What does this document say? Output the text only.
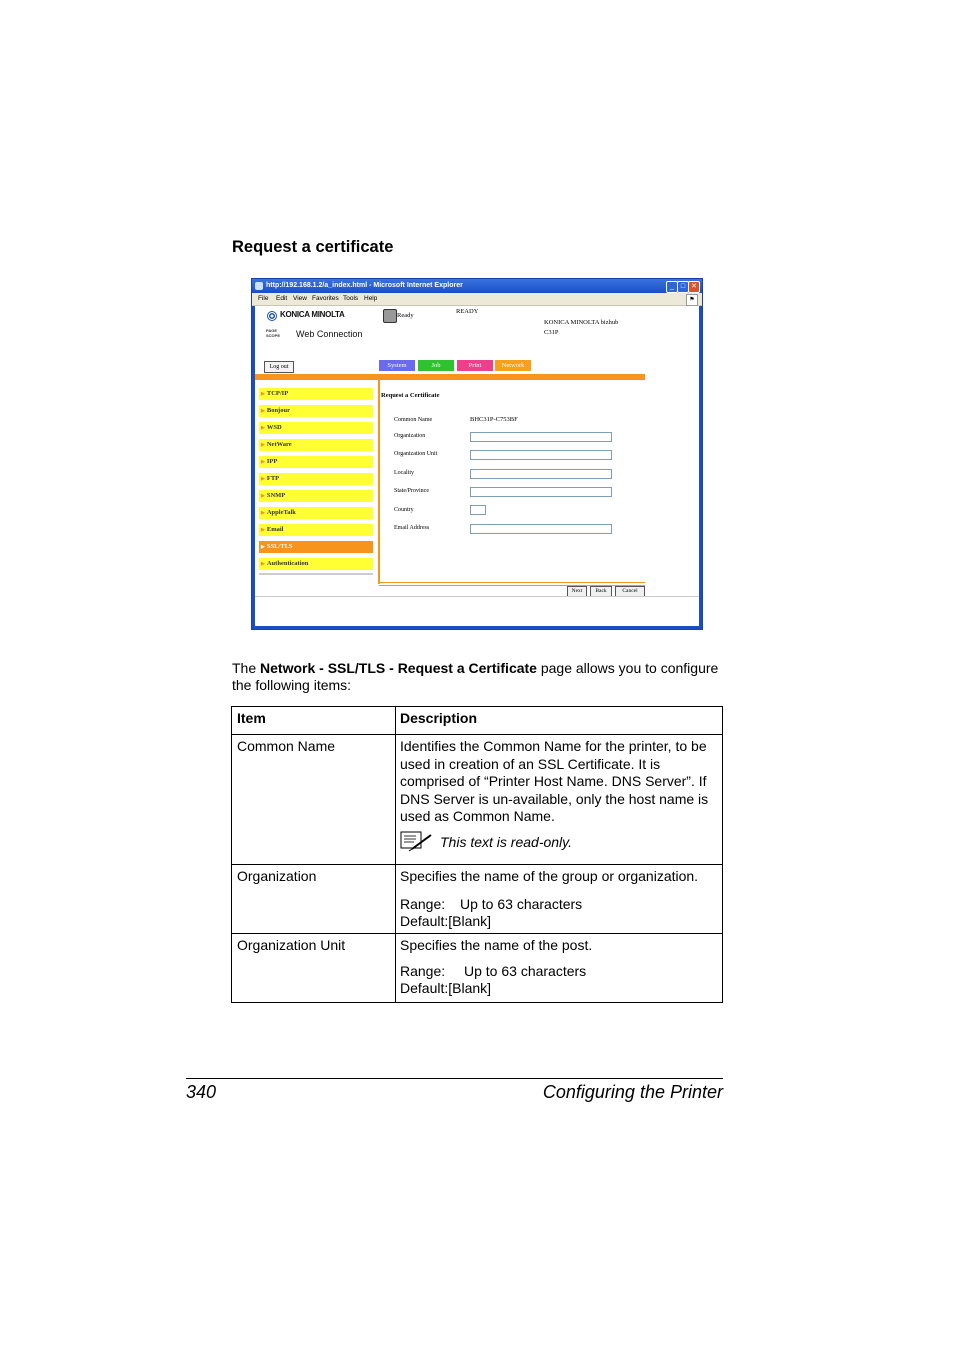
Request a certificate
http://192.168.1.2/a_index.html - Microsoft Internet Explorer	_ □ ✕
File Edit View Favorites Tools Help	⚑
KONICA MINOLTA
PAGE SCOPE Web Connection
Ready
READY
KONICA MINOLTA bizhub
C31P
Log out	System	Job	Print	Network
▶ TCP/IP
▶ Bonjour
▶ WSD
▶ NetWare
▶ IPP
▶ FTP
▶ SNMP
▶ AppleTalk
▶ Email
▶ SSL/TLS
▶ Authentication
Request a Certificate
Common Name	BHC31P-C753BF
Organization
Organization Unit
Locality
State/Province
Country
Email Address
Next	Back	Cancel
The Network - SSL/TLS - Request a Certificate page allows you to configure the following items:
Item	Description
Common Name	Identifies the Common Name for the printer, to be used in creation of an SSL Certificate. It is comprised of “Printer Host Name. DNS Server”. If DNS Server is un-available, only the host name is used as Common Name.
This text is read-only.

Organization	Specifies the name of the group or organization.
Range: Up to 63 characters
Default:[Blank]

Organization Unit	Specifies the name of the post.
Range: Up to 63 characters
Default:[Blank]
340	Configuring the Printer
